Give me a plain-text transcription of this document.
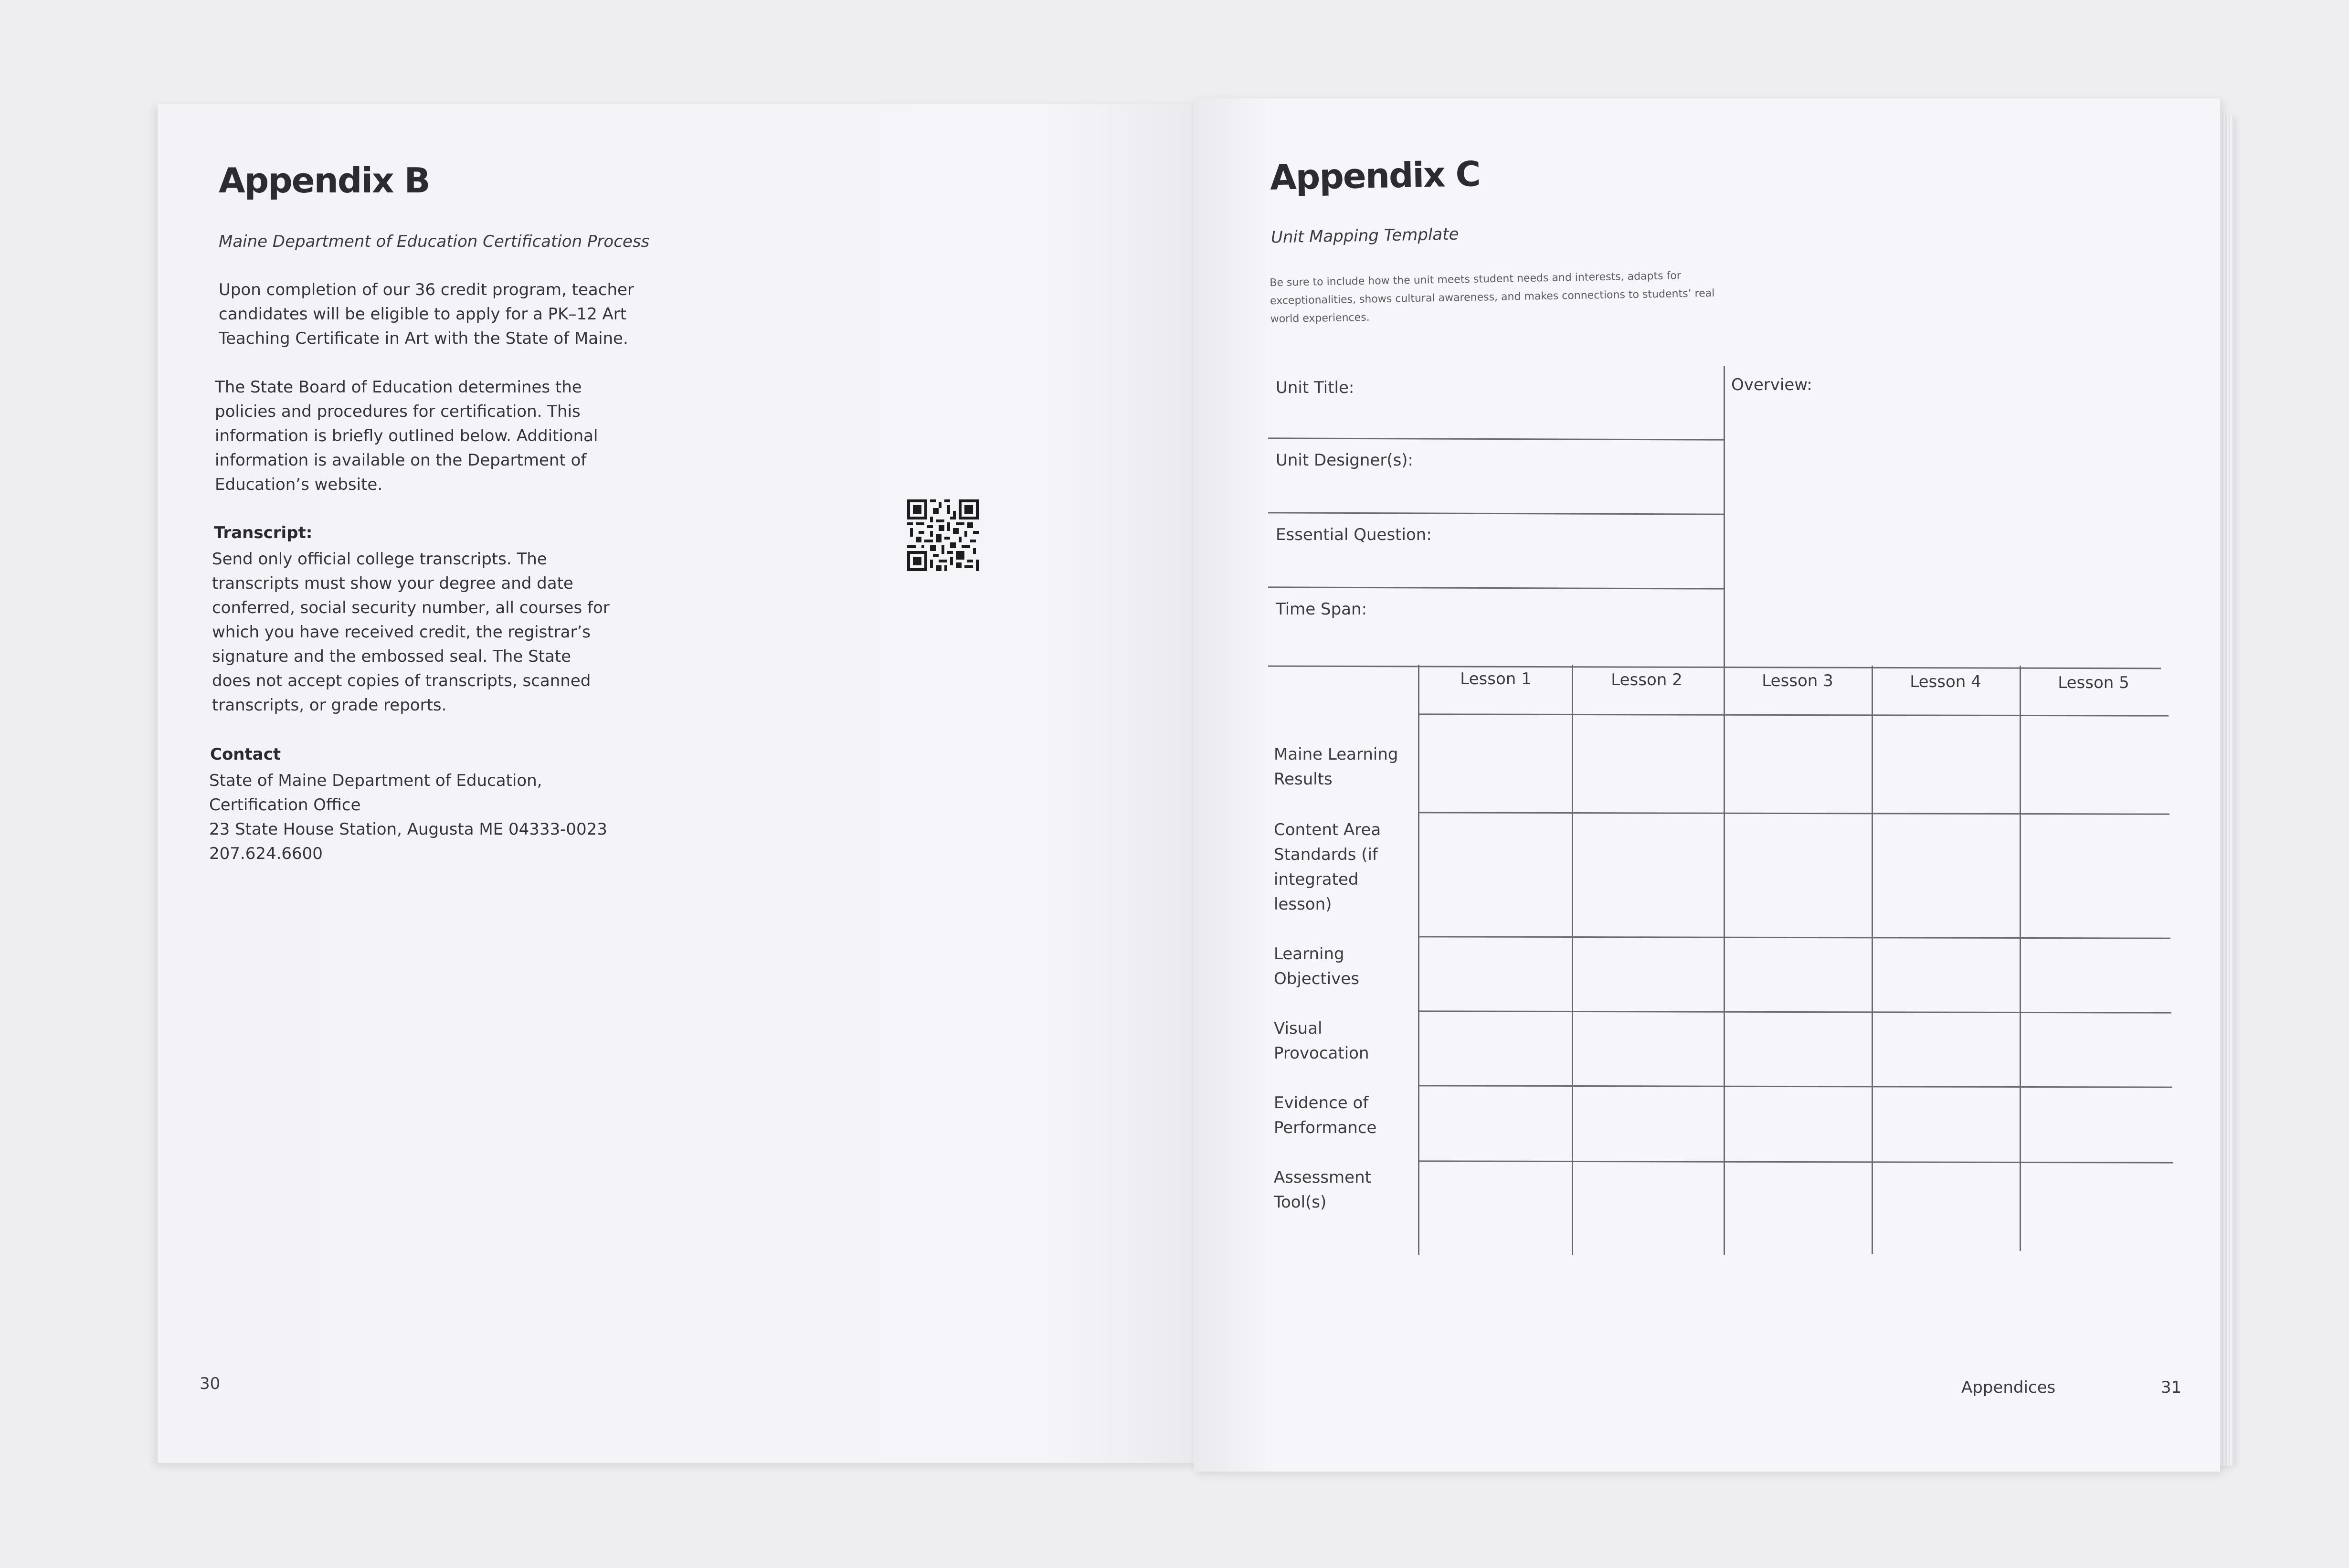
Appendix B

Maine Department of Education Certification Process

Upon completion of our 36 credit program, teacher
candidates will be eligible to apply for a PK–12 Art
Teaching Certificate in Art with the State of Maine.

The State Board of Education determines the
policies and procedures for certification. This
information is briefly outlined below. Additional
information is available on the Department of
Education’s website.

Transcript:

Send only official college transcripts. The
transcripts must show your degree and date
conferred, social security number, all courses for
which you have received credit, the registrar’s
signature and the embossed seal. The State
does not accept copies of transcripts, scanned
transcripts, or grade reports.

Contact

State of Maine Department of Education,
Certification Office
23 State House Station, Augusta ME 04333-0023
207.624.6600

30
Appendix C

Unit Mapping Template

Be sure to include how the unit meets student needs and interests, adapts for exceptionalities, shows cultural awareness, and makes connections to students’ real world experiences.

Unit Title:
Unit Designer(s):
Essential Question:
Time Span:
Overview:
Lesson 1	Lesson 2	Lesson 3	Lesson 4	Lesson 5
Maine Learning Results
Content Area Standards (if integrated lesson)
Learning Objectives
Visual Provocation
Evidence of Performance
Assessment Tool(s)
Appendices	31
